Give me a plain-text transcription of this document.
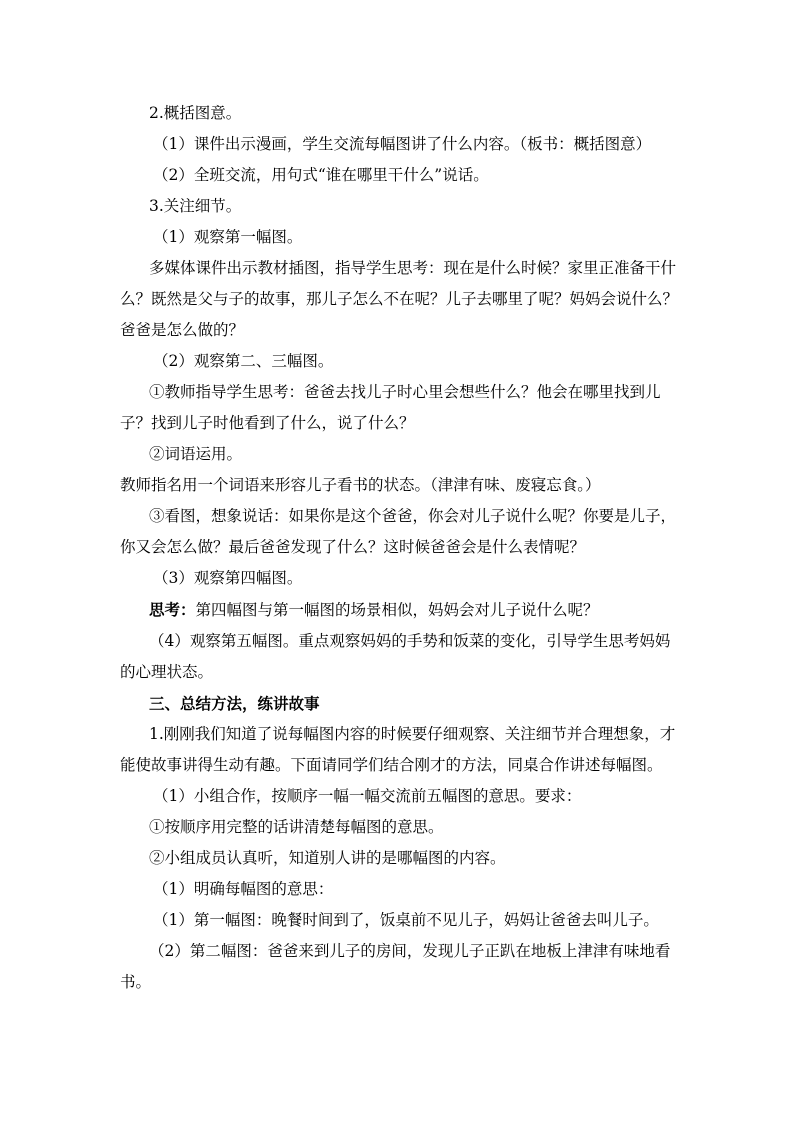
2.概括图意。

（1）课件出示漫画，学生交流每幅图讲了什么内容。（板书：概括图意）

（2）全班交流，用句式“谁在哪里干什么”说话。

3.关注细节。

（1）观察第一幅图。

多媒体课件出示教材插图，指导学生思考：现在是什么时候？家里正准备干什么？既然是父与子的故事，那儿子怎么不在呢？儿子去哪里了呢？妈妈会说什么？爸爸是怎么做的？

（2）观察第二、三幅图。

①教师指导学生思考：爸爸去找儿子时心里会想些什么？他会在哪里找到儿子？找到儿子时他看到了什么，说了什么？

②词语运用。

教师指名用一个词语来形容儿子看书的状态。（津津有味、废寝忘食。）

③看图，想象说话：如果你是这个爸爸，你会对儿子说什么呢？你要是儿子，你又会怎么做？最后爸爸发现了什么？这时候爸爸会是什么表情呢？

（3）观察第四幅图。

思考：第四幅图与第一幅图的场景相似，妈妈会对儿子说什么呢？

（4）观察第五幅图。重点观察妈妈的手势和饭菜的变化，引导学生思考妈妈的心理状态。

三、总结方法，练讲故事

1.刚刚我们知道了说每幅图内容的时候要仔细观察、关注细节并合理想象，才能使故事讲得生动有趣。下面请同学们结合刚才的方法，同桌合作讲述每幅图。

（1）小组合作，按顺序一幅一幅交流前五幅图的意思。要求：

①按顺序用完整的话讲清楚每幅图的意思。

②小组成员认真听，知道别人讲的是哪幅图的内容。

（1）明确每幅图的意思：

（1）第一幅图：晚餐时间到了，饭桌前不见儿子，妈妈让爸爸去叫儿子。

（2）第二幅图：爸爸来到儿子的房间，发现儿子正趴在地板上津津有味地看书。
